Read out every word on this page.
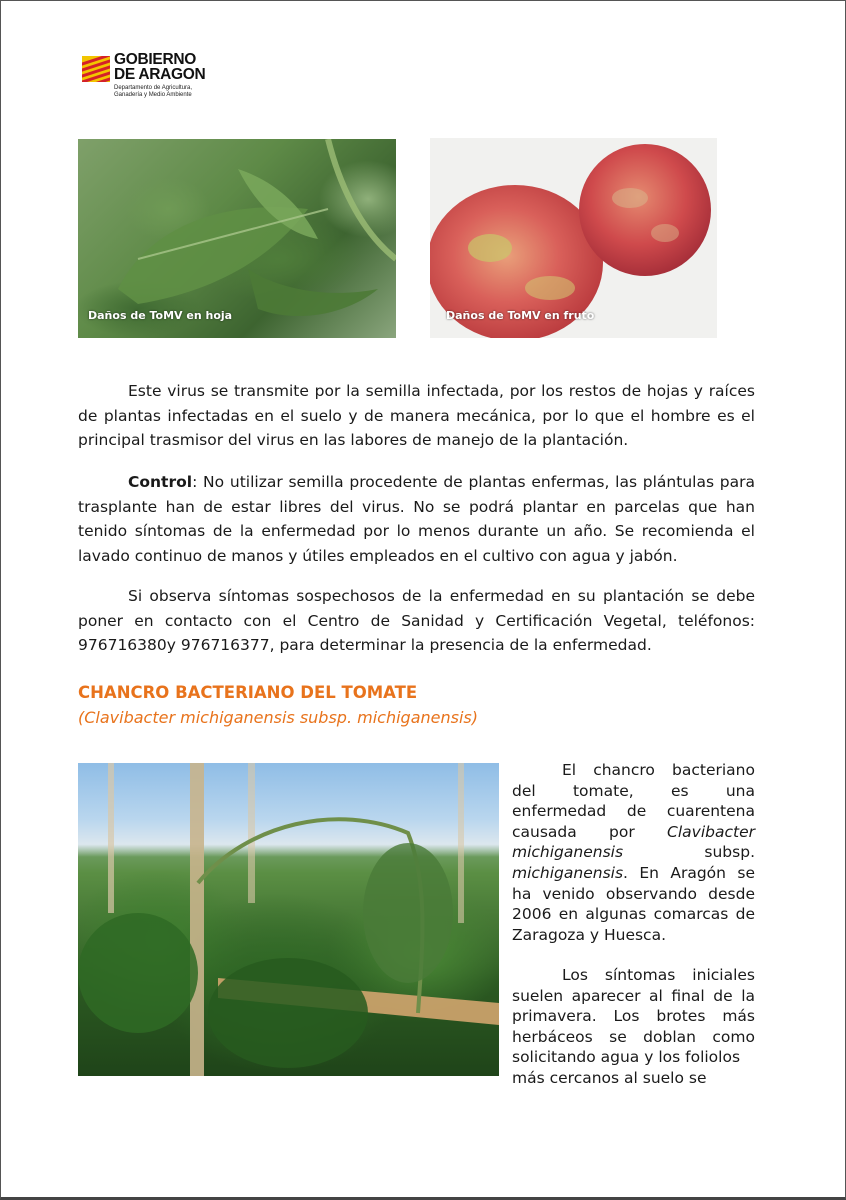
GOBIERNO
DE ARAGON
Departamento de Agricultura,
Ganadería y Medio Ambiente
Daños de ToMV en hoja	Daños de ToMV en fruto
Este virus se transmite por la semilla infectada, por los restos de hojas y raíces de plantas infectadas en el suelo y de manera mecánica, por lo que el hombre es el principal trasmisor del virus en las labores de manejo de la plantación.
Control: No utilizar semilla procedente de plantas enfermas, las plántulas para trasplante han de estar libres del virus. No se podrá plantar en parcelas que han tenido síntomas de la enfermedad por lo menos durante un año. Se recomienda el lavado continuo de manos y útiles empleados en el cultivo con agua y jabón.
Si observa síntomas sospechosos de la enfermedad en su plantación se debe poner en contacto con el Centro de Sanidad y Certificación Vegetal, teléfonos: 976716380y 976716377, para determinar la presencia de la enfermedad.
CHANCRO BACTERIANO DEL TOMATE
(Clavibacter michiganensis subsp. michiganensis)
El chancro bacteriano del tomate, es una enfermedad de cuarentena causada por Clavibacter michiganensis subsp. michiganensis. En Aragón se ha venido observando desde 2006 en algunas comarcas de Zaragoza y Huesca.
Los síntomas iniciales suelen aparecer al final de la primavera. Los brotes más herbáceos se doblan como solicitando agua y los foliolos
más cercanos al suelo se
